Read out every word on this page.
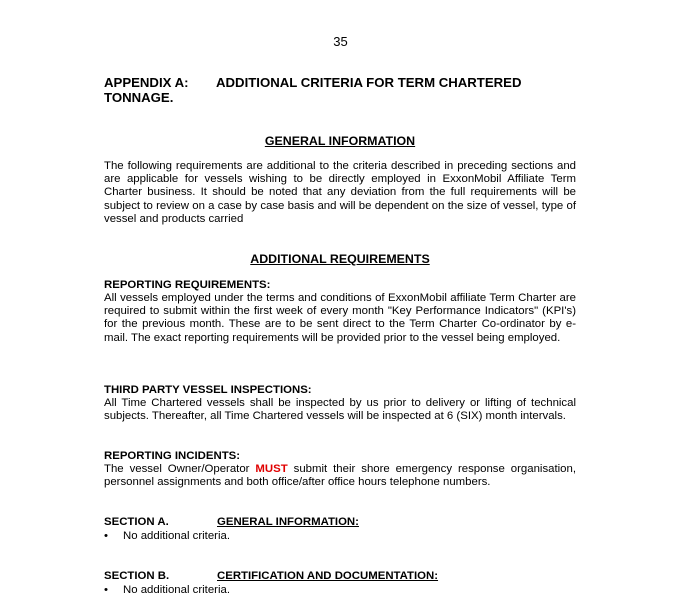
35
APPENDIX A: ADDITIONAL CRITERIA FOR TERM CHARTERED
TONNAGE.
GENERAL INFORMATION
The following requirements are additional to the criteria described in preceding sections and are applicable for vessels wishing to be directly employed in ExxonMobil Affiliate Term Charter business. It should be noted that any deviation from the full requirements will be subject to review on a case by case basis and will be dependent on the size of vessel, type of vessel and products carried
ADDITIONAL REQUIREMENTS
REPORTING REQUIREMENTS:
All vessels employed under the terms and conditions of ExxonMobil affiliate Term Charter are required to submit within the first week of every month "Key Performance Indicators" (KPI's) for the previous month. These are to be sent direct to the Term Charter Co-ordinator by e-mail. The exact reporting requirements will be provided prior to the vessel being employed.
THIRD PARTY VESSEL INSPECTIONS:
All Time Chartered vessels shall be inspected by us prior to delivery or lifting of technical subjects. Thereafter, all Time Chartered vessels will be inspected at 6 (SIX) month intervals.
REPORTING INCIDENTS:
The vessel Owner/Operator MUST submit their shore emergency response organisation, personnel assignments and both office/after office hours telephone numbers.
SECTION A.	GENERAL INFORMATION:
• No additional criteria.
SECTION B.	CERTIFICATION AND DOCUMENTATION:
• No additional criteria.
